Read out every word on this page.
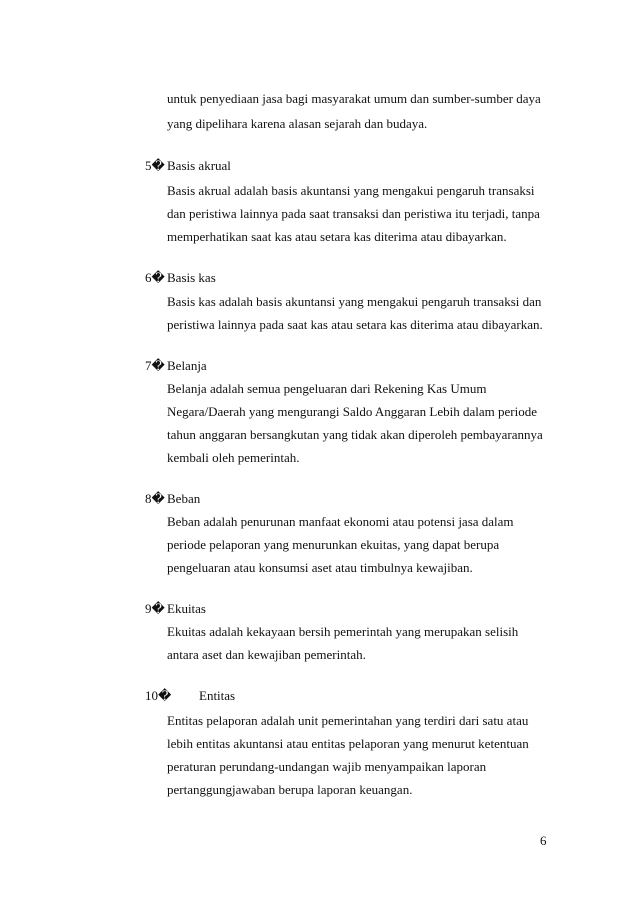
untuk penyediaan jasa bagi masyarakat umum dan sumber-sumber daya
yang dipelihara karena alasan sejarah dan budaya.
5� Basis akrual
Basis akrual adalah basis akuntansi yang mengakui pengaruh transaksi
dan peristiwa lainnya pada saat transaksi dan peristiwa itu terjadi, tanpa
memperhatikan saat kas atau setara kas diterima atau dibayarkan.
6� Basis kas
Basis kas adalah basis akuntansi yang mengakui pengaruh transaksi dan
peristiwa lainnya pada saat kas atau setara kas diterima atau dibayarkan.
7� Belanja
Belanja adalah semua pengeluaran dari Rekening Kas Umum
Negara/Daerah yang mengurangi Saldo Anggaran Lebih dalam periode
tahun anggaran bersangkutan yang tidak akan diperoleh pembayarannya
kembali oleh pemerintah.
8� Beban
Beban adalah penurunan manfaat ekonomi atau potensi jasa dalam
periode pelaporan yang menurunkan ekuitas, yang dapat berupa
pengeluaran atau konsumsi aset atau timbulnya kewajiban.
9� Ekuitas
Ekuitas adalah kekayaan bersih pemerintah yang merupakan selisih
antara aset dan kewajiban pemerintah.
10� Entitas
Entitas pelaporan adalah unit pemerintahan yang terdiri dari satu atau
lebih entitas akuntansi atau entitas pelaporan yang menurut ketentuan
peraturan perundang-undangan wajib menyampaikan laporan
pertanggungjawaban berupa laporan keuangan.
6
